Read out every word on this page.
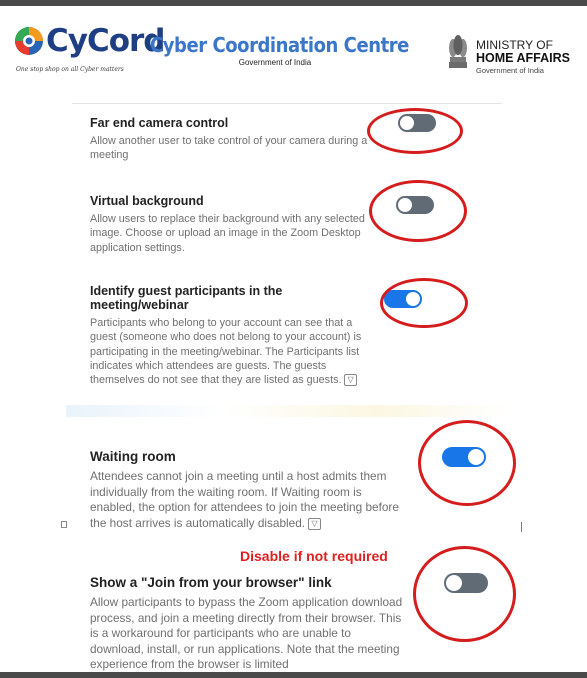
CyCord
One stop shop on all Cyber matters
Cyber Coordination Centre
Government of India
MINISTRY OF
HOME AFFAIRS
Government of India

Far end camera control

Allow another user to take control of your camera during a meeting

Virtual background

Allow users to replace their background with any selected image. Choose or upload an image in the Zoom Desktop application settings.

Identify guest participants in the meeting/webinar

Participants who belong to your account can see that a guest (someone who does not belong to your account) is participating in the meeting/webinar. The Participants list indicates which attendees are guests. The guests themselves do not see that they are listed as guests. ▽

Waiting room

Attendees cannot join a meeting until a host admits them individually from the waiting room. If Waiting room is enabled, the option for attendees to join the meeting before the host arrives is automatically disabled. ▽

Show a "Join from your browser" link

Allow participants to bypass the Zoom application download process, and join a meeting directly from their browser. This is a workaround for participants who are unable to download, install, or run applications. Note that the meeting experience from the browser is limited

Disable if not required
